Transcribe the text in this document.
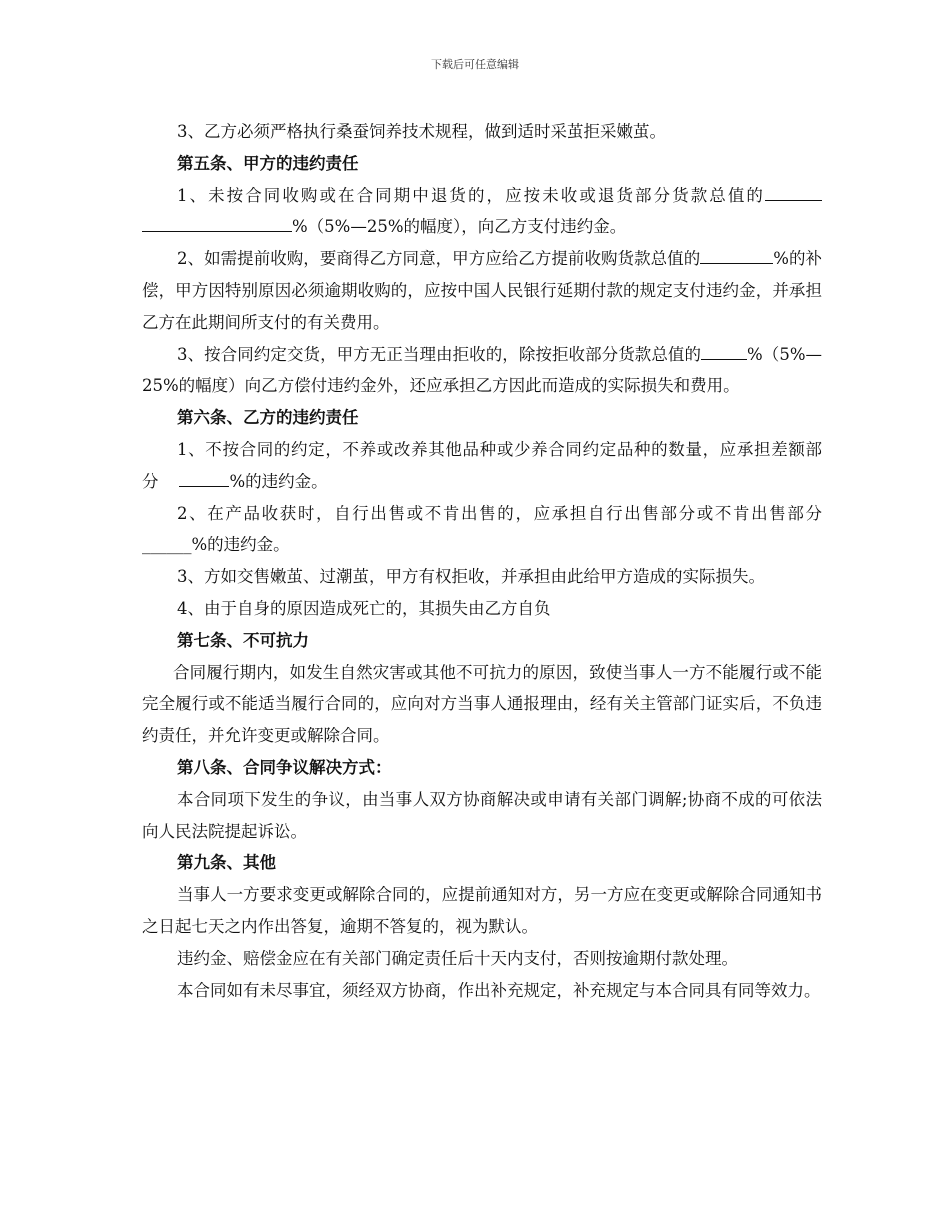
下载后可任意编辑

3、乙方必须严格执行桑蚕饲养技术规程，做到适时采茧拒采嫩茧。

第五条、甲方的违约责任

1、未按合同收购或在合同期中退货的，应按未收或退货部分货款总值的%（5%—25%的幅度），向乙方支付违约金。

2、如需提前收购，要商得乙方同意，甲方应给乙方提前收购货款总值的	%的补偿，甲方因特别原因必须逾期收购的，应按中国人民银行延期付款的规定支付违约金，并承担乙方在此期间所支付的有关费用。

3、按合同约定交货，甲方无正当理由拒收的，除按拒收部分货款总值的	%（5%—25%的幅度）向乙方偿付违约金外，还应承担乙方因此而造成的实际损失和费用。

第六条、乙方的违约责任

1、不按合同的约定，不养或改养其他品种或少养合同约定品种的数量，应承担差额部分	%的违约金。

2、在产品收获时，自行出售或不肯出售的，应承担自行出售部分或不肯出售部分______%的违约金。

3、方如交售嫩茧、过潮茧，甲方有权拒收，并承担由此给甲方造成的实际损失。

4、由于自身的原因造成死亡的，其损失由乙方自负

第七条、不可抗力

合同履行期内，如发生自然灾害或其他不可抗力的原因，致使当事人一方不能履行或不能完全履行或不能适当履行合同的，应向对方当事人通报理由，经有关主管部门证实后，不负违约责任，并允许变更或解除合同。

第八条、合同争议解决方式：

本合同项下发生的争议，由当事人双方协商解决或申请有关部门调解;协商不成的可依法向人民法院提起诉讼。

第九条、其他

当事人一方要求变更或解除合同的，应提前通知对方，另一方应在变更或解除合同通知书之日起七天之内作出答复，逾期不答复的，视为默认。

违约金、赔偿金应在有关部门确定责任后十天内支付，否则按逾期付款处理。

本合同如有未尽事宜，须经双方协商，作出补充规定，补充规定与本合同具有同等效力。
